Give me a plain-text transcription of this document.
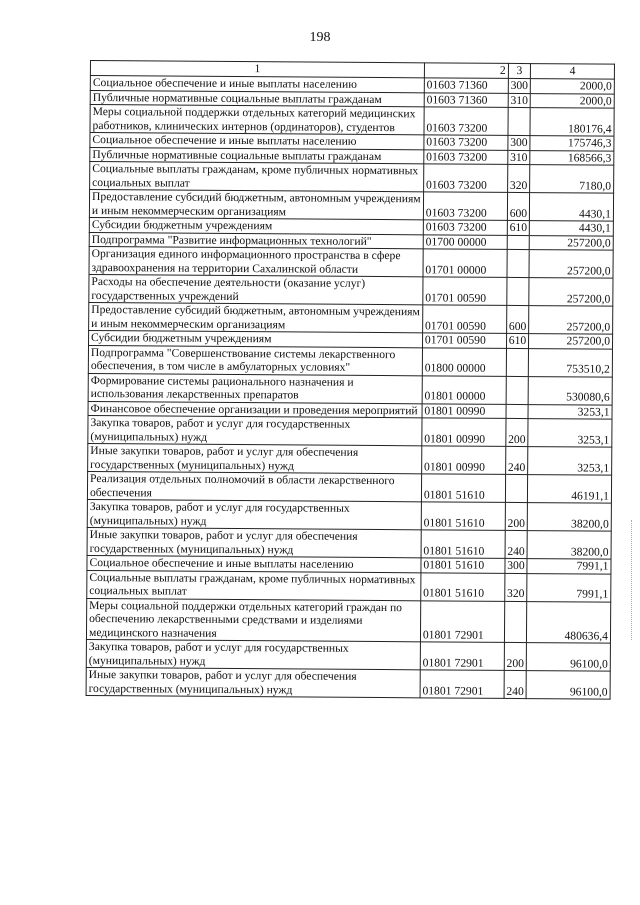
198
1	2	3	4
Социальное обеспечение и иные выплаты населению	01603 71360	300	2000,0
Публичные нормативные социальные выплаты гражданам	01603 71360	310	2000,0
Меры социальной поддержки отдельных категорий медицинских работников, клинических интернов (ординаторов), студентов	01603 73200		180176,4
Социальное обеспечение и иные выплаты населению	01603 73200	300	175746,3
Публичные нормативные социальные выплаты гражданам	01603 73200	310	168566,3
Социальные выплаты гражданам, кроме публичных нормативных социальных выплат	01603 73200	320	7180,0
Предоставление субсидий бюджетным, автономным учреждениям и иным некоммерческим организациям	01603 73200	600	4430,1
Субсидии бюджетным учреждениям	01603 73200	610	4430,1
Подпрограмма "Развитие информационных технологий"	01700 00000		257200,0
Организация единого информационного пространства в сфере здравоохранения на территории Сахалинской области	01701 00000		257200,0
Расходы на обеспечение деятельности (оказание услуг) государственных учреждений	01701 00590		257200,0
Предоставление субсидий бюджетным, автономным учреждениям и иным некоммерческим организациям	01701 00590	600	257200,0
Субсидии бюджетным учреждениям	01701 00590	610	257200,0
Подпрограмма "Совершенствование системы лекарственного обеспечения, в том числе в амбулаторных условиях"	01800 00000		753510,2
Формирование системы рационального назначения и использования лекарственных препаратов	01801 00000		530080,6
Финансовое обеспечение организации и проведения мероприятий	01801 00990		3253,1
Закупка товаров, работ и услуг для государственных (муниципальных) нужд	01801 00990	200	3253,1
Иные закупки товаров, работ и услуг для обеспечения государственных (муниципальных) нужд	01801 00990	240	3253,1
Реализация отдельных полномочий в области лекарственного обеспечения	01801 51610		46191,1
Закупка товаров, работ и услуг для государственных (муниципальных) нужд	01801 51610	200	38200,0
Иные закупки товаров, работ и услуг для обеспечения государственных (муниципальных) нужд	01801 51610	240	38200,0
Социальное обеспечение и иные выплаты населению	01801 51610	300	7991,1
Социальные выплаты гражданам, кроме публичных нормативных социальных выплат	01801 51610	320	7991,1
Меры социальной поддержки отдельных категорий граждан по обеспечению лекарственными средствами и изделиями медицинского назначения	01801 72901		480636,4
Закупка товаров, работ и услуг для государственных (муниципальных) нужд	01801 72901	200	96100,0
Иные закупки товаров, работ и услуг для обеспечения государственных (муниципальных) нужд	01801 72901	240	96100,0
